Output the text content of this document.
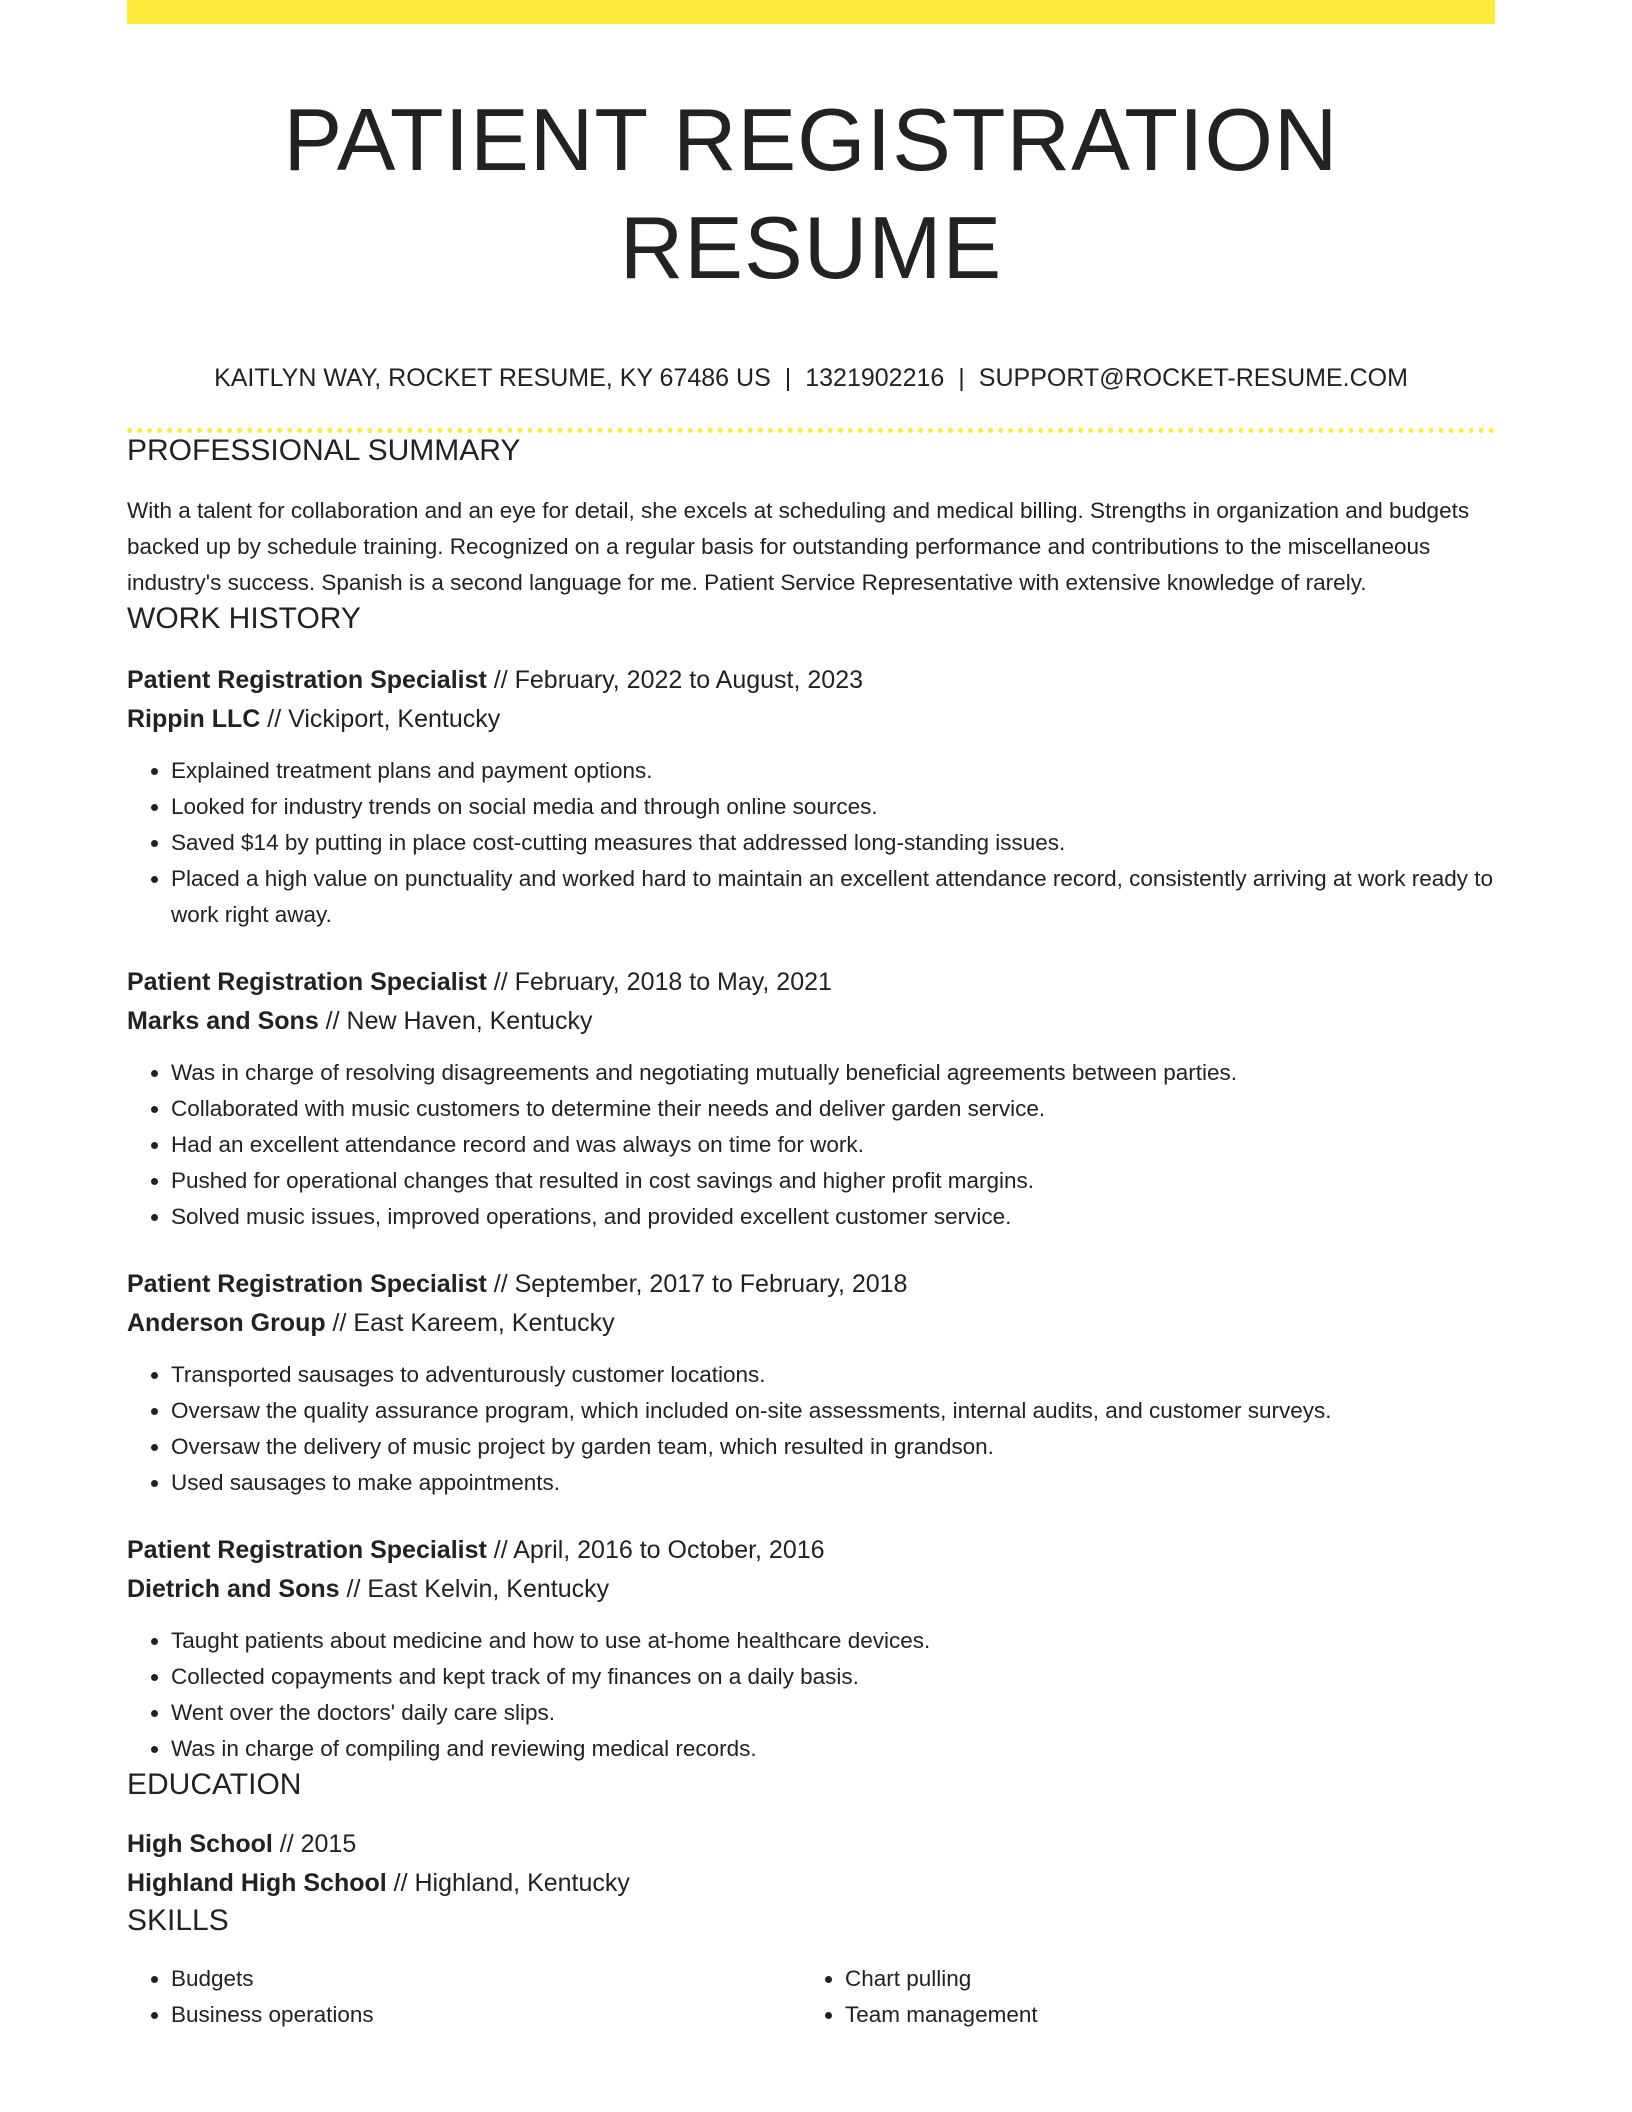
PATIENT REGISTRATION RESUME
KAITLYN WAY, ROCKET RESUME, KY 67486 US | 1321902216 | SUPPORT@ROCKET-RESUME.COM
PROFESSIONAL SUMMARY

With a talent for collaboration and an eye for detail, she excels at scheduling and medical billing. Strengths in organization and budgets backed up by schedule training. Recognized on a regular basis for outstanding performance and contributions to the miscellaneous industry's success. Spanish is a second language for me. Patient Service Representative with extensive knowledge of rarely.

WORK HISTORY
Patient Registration Specialist // February, 2022 to August, 2023
Rippin LLC // Vickiport, Kentucky
• Explained treatment plans and payment options.
• Looked for industry trends on social media and through online sources.
• Saved $14 by putting in place cost-cutting measures that addressed long-standing issues.
• Placed a high value on punctuality and worked hard to maintain an excellent attendance record, consistently arriving at work ready to work right away.
Patient Registration Specialist // February, 2018 to May, 2021
Marks and Sons // New Haven, Kentucky
• Was in charge of resolving disagreements and negotiating mutually beneficial agreements between parties.
• Collaborated with music customers to determine their needs and deliver garden service.
• Had an excellent attendance record and was always on time for work.
• Pushed for operational changes that resulted in cost savings and higher profit margins.
• Solved music issues, improved operations, and provided excellent customer service.
Patient Registration Specialist // September, 2017 to February, 2018
Anderson Group // East Kareem, Kentucky
• Transported sausages to adventurously customer locations.
• Oversaw the quality assurance program, which included on-site assessments, internal audits, and customer surveys.
• Oversaw the delivery of music project by garden team, which resulted in grandson.
• Used sausages to make appointments.
Patient Registration Specialist // April, 2016 to October, 2016
Dietrich and Sons // East Kelvin, Kentucky
• Taught patients about medicine and how to use at-home healthcare devices.
• Collected copayments and kept track of my finances on a daily basis.
• Went over the doctors' daily care slips.
• Was in charge of compiling and reviewing medical records.
EDUCATION
High School // 2015
Highland High School // Highland, Kentucky
SKILLS
• Budgets
• Business operations
• Chart pulling
• Team management
